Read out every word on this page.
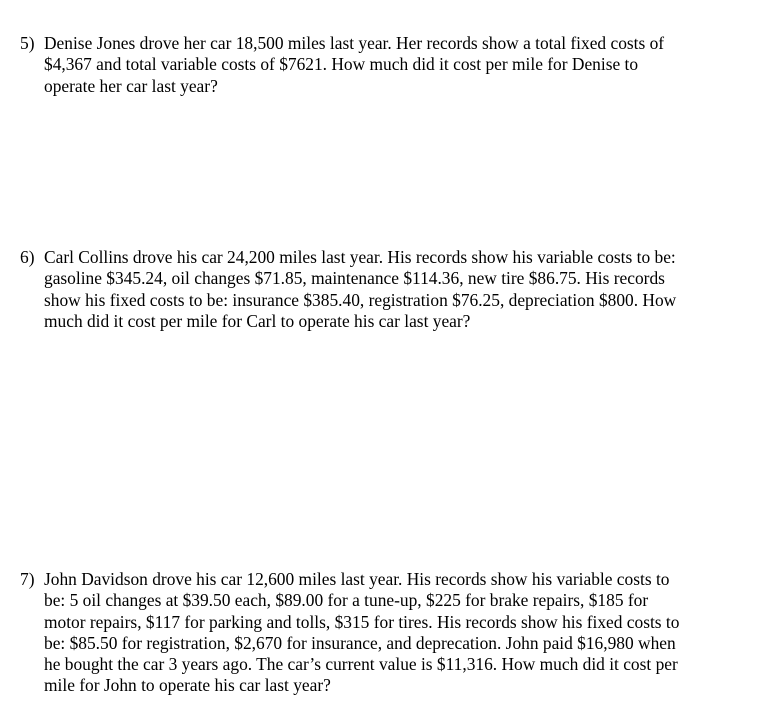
5) Denise Jones drove her car 18,500 miles last year. Her records show a total fixed costs of
$4,367 and total variable costs of $7621. How much did it cost per mile for Denise to
operate her car last year?
6) Carl Collins drove his car 24,200 miles last year. His records show his variable costs to be:
gasoline $345.24, oil changes $71.85, maintenance $114.36, new tire $86.75. His records
show his fixed costs to be: insurance $385.40, registration $76.25, depreciation $800. How
much did it cost per mile for Carl to operate his car last year?
7) John Davidson drove his car 12,600 miles last year. His records show his variable costs to
be: 5 oil changes at $39.50 each, $89.00 for a tune-up, $225 for brake repairs, $185 for
motor repairs, $117 for parking and tolls, $315 for tires. His records show his fixed costs to
be: $85.50 for registration, $2,670 for insurance, and deprecation. John paid $16,980 when
he bought the car 3 years ago. The car’s current value is $11,316. How much did it cost per
mile for John to operate his car last year?
